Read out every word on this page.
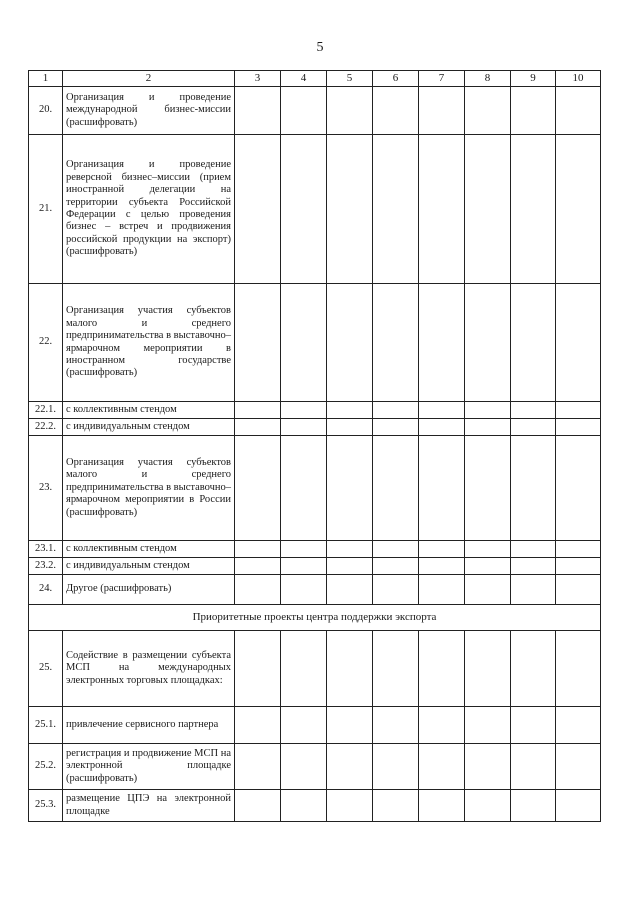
5
1	2	3	4	5	6	7	8	9	10
20.	Организация и проведение международной бизнес-миссии (расшифровать)								
21.	Организация и проведение реверсной бизнес–миссии (прием иностранной делегации на территории субъекта Российской Федерации с целью проведения бизнес – встреч и продвижения российской продукции на экспорт) (расшифровать)								
22.	Организация участия субъектов малого и среднего предпринимательства в выставочно–ярмарочном мероприятии в иностранном государстве (расшифровать)								
22.1.	с коллективным стендом								
22.2.	с индивидуальным стендом								
23.	Организация участия субъектов малого и среднего предпринимательства в выставочно–ярмарочном мероприятии в России (расшифровать)								
23.1.	с коллективным стендом								
23.2.	с индивидуальным стендом								
24.	Другое (расшифровать)								
Приоритетные проекты центра поддержки экспорта									
25.	Содействие в размещении субъекта МСП на международных электронных торговых площадках:								
25.1.	привлечение сервисного партнера								
25.2.	регистрация и продвижение МСП на электронной площадке (расшифровать)								
25.3.	размещение ЦПЭ на электронной площадке								
